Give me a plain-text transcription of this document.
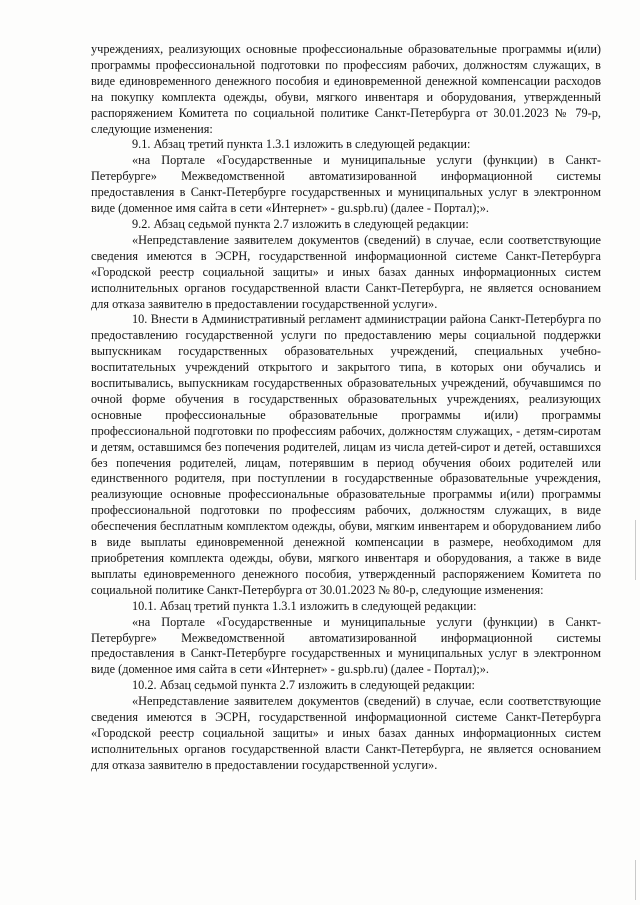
учреждениях, реализующих основные профессиональные образовательные программы и(или) программы профессиональной подготовки по профессиям рабочих, должностям служащих, в виде единовременного денежного пособия и единовременной денежной компенсации расходов на покупку комплекта одежды, обуви, мягкого инвентаря и оборудования, утвержденный распоряжением Комитета по социальной политике Санкт-Петербурга от 30.01.2023 № 79-р, следующие изменения:

9.1. Абзац третий пункта 1.3.1 изложить в следующей редакции:

«на Портале «Государственные и муниципальные услуги (функции) в Санкт-Петербурге» Межведомственной автоматизированной информационной системы предоставления в Санкт-Петербурге государственных и муниципальных услуг в электронном виде (доменное имя сайта в сети «Интернет» - gu.spb.ru) (далее - Портал);».

9.2. Абзац седьмой пункта 2.7 изложить в следующей редакции:

«Непредставление заявителем документов (сведений) в случае, если соответствующие сведения имеются в ЭСРН, государственной информационной системе Санкт-Петербурга «Городской реестр социальной защиты» и иных базах данных информационных систем исполнительных органов государственной власти Санкт-Петербурга, не является основанием для отказа заявителю в предоставлении государственной услуги».

10. Внести в Административный регламент администрации района Санкт-Петербурга по предоставлению государственной услуги по предоставлению меры социальной поддержки выпускникам государственных образовательных учреждений, специальных учебно-воспитательных учреждений открытого и закрытого типа, в которых они обучались и воспитывались, выпускникам государственных образовательных учреждений, обучавшимся по очной форме обучения в государственных образовательных учреждениях, реализующих основные профессиональные образовательные программы и(или) программы профессиональной подготовки по профессиям рабочих, должностям служащих, - детям-сиротам и детям, оставшимся без попечения родителей, лицам из числа детей-сирот и детей, оставшихся без попечения родителей, лицам, потерявшим в период обучения обоих родителей или единственного родителя, при поступлении в государственные образовательные учреждения, реализующие основные профессиональные образовательные программы и(или) программы профессиональной подготовки по профессиям рабочих, должностям служащих, в виде обеспечения бесплатным комплектом одежды, обуви, мягким инвентарем и оборудованием либо в виде выплаты единовременной денежной компенсации в размере, необходимом для приобретения комплекта одежды, обуви, мягкого инвентаря и оборудования, а также в виде выплаты единовременного денежного пособия, утвержденный распоряжением Комитета по социальной политике Санкт-Петербурга от 30.01.2023 № 80-р, следующие изменения:

10.1. Абзац третий пункта 1.3.1 изложить в следующей редакции:

«на Портале «Государственные и муниципальные услуги (функции) в Санкт-Петербурге» Межведомственной автоматизированной информационной системы предоставления в Санкт-Петербурге государственных и муниципальных услуг в электронном виде (доменное имя сайта в сети «Интернет» - gu.spb.ru) (далее - Портал);».

10.2. Абзац седьмой пункта 2.7 изложить в следующей редакции:

«Непредставление заявителем документов (сведений) в случае, если соответствующие сведения имеются в ЭСРН, государственной информационной системе Санкт-Петербурга «Городской реестр социальной защиты» и иных базах данных информационных систем исполнительных органов государственной власти Санкт-Петербурга, не является основанием для отказа заявителю в предоставлении государственной услуги».
